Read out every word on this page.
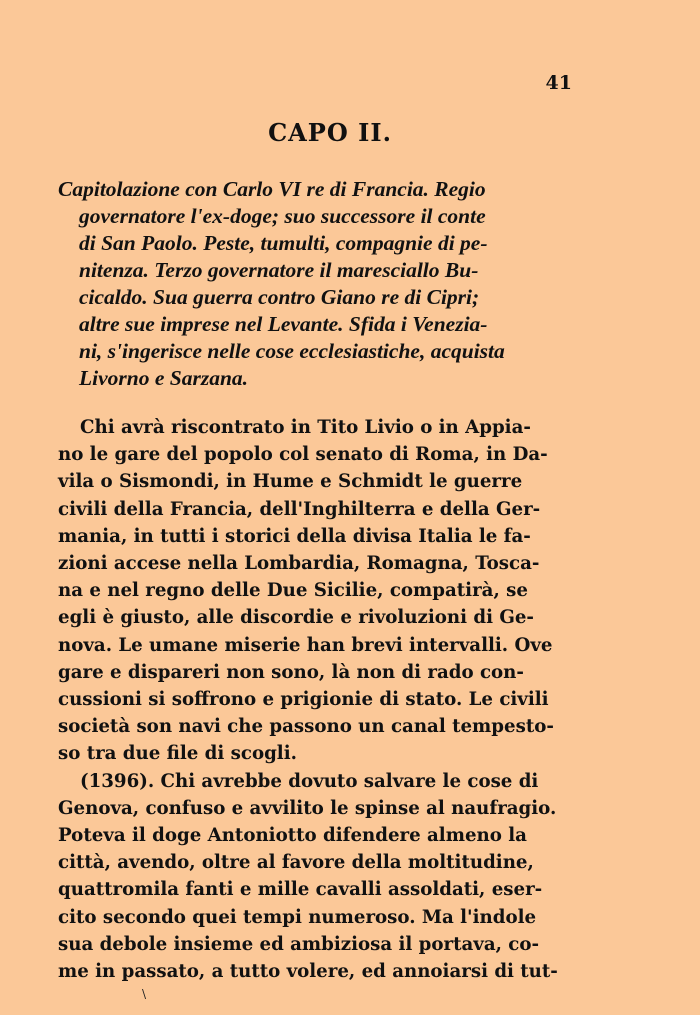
41
CAPO II.
Capitolazione con Carlo VI re di Francia. Regio
governatore l'ex-doge; suo successore il conte
di San Paolo. Peste, tumulti, compagnie di pe-
nitenza. Terzo governatore il maresciallo Bu-
cicaldo. Sua guerra contro Giano re di Cipri;
altre sue imprese nel Levante. Sfida i Venezia-
ni, s'ingerisce nelle cose ecclesiastiche, acquista
Livorno e Sarzana.
Chi avrà riscontrato in Tito Livio o in Appia-
no le gare del popolo col senato di Roma, in Da-
vila o Sismondi, in Hume e Schmidt le guerre
civili della Francia, dell'Inghilterra e della Ger-
mania, in tutti i storici della divisa Italia le fa-
zioni accese nella Lombardia, Romagna, Tosca-
na e nel regno delle Due Sicilie, compatirà, se
egli è giusto, alle discordie e rivoluzioni di Ge-
nova. Le umane miserie han brevi intervalli. Ove
gare e dispareri non sono, là non di rado con-
cussioni si soffrono e prigionie di stato. Le civili
società son navi che passono un canal tempesto-
so tra due file di scogli.
(1396). Chi avrebbe dovuto salvare le cose di
Genova, confuso e avvilito le spinse al naufragio.
Poteva il doge Antoniotto difendere almeno la
città, avendo, oltre al favore della moltitudine,
quattromila fanti e mille cavalli assoldati, eser-
cito secondo quei tempi numeroso. Ma l'indole
sua debole insieme ed ambiziosa il portava, co-
me in passato, a tutto volere, ed annoiarsi di tut-
\
